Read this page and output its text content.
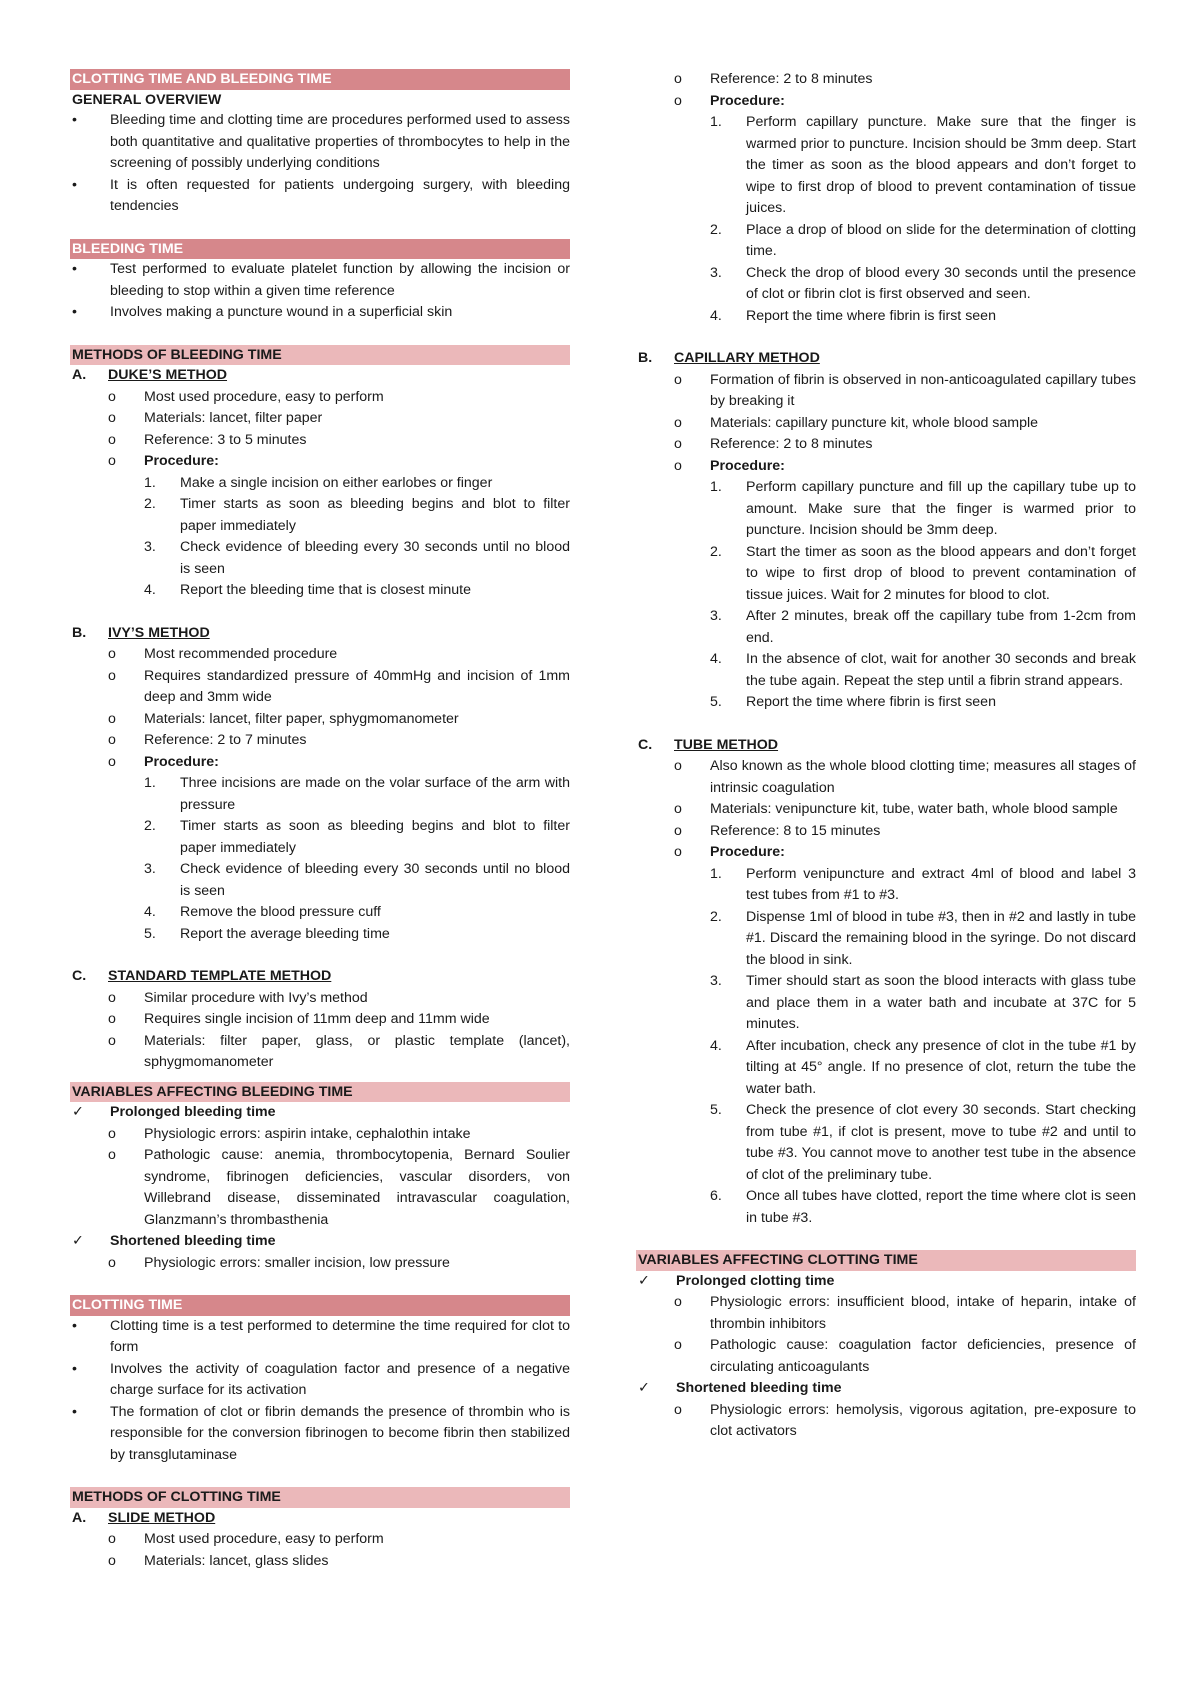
CLOTTING TIME AND BLEEDING TIME
GENERAL OVERVIEW
•	Bleeding time and clotting time are procedures performed used to assess both quantitative and qualitative properties of thrombocytes to help in the screening of possibly underlying conditions
•	It is often requested for patients undergoing surgery, with bleeding tendencies
BLEEDING TIME
•	Test performed to evaluate platelet function by allowing the incision or bleeding to stop within a given time reference
•	Involves making a puncture wound in a superficial skin
METHODS OF BLEEDING TIME
A.	DUKE’S METHOD
o	Most used procedure, easy to perform
o	Materials: lancet, filter paper
o	Reference: 3 to 5 minutes
o	Procedure:
1.	Make a single incision on either earlobes or finger
2.	Timer starts as soon as bleeding begins and blot to filter paper immediately
3.	Check evidence of bleeding every 30 seconds until no blood is seen
4.	Report the bleeding time that is closest minute
B.	IVY’S METHOD
o	Most recommended procedure
o	Requires standardized pressure of 40mmHg and incision of 1mm deep and 3mm wide
o	Materials: lancet, filter paper, sphygmomanometer
o	Reference: 2 to 7 minutes
o	Procedure:
1.	Three incisions are made on the volar surface of the arm with pressure
2.	Timer starts as soon as bleeding begins and blot to filter paper immediately
3.	Check evidence of bleeding every 30 seconds until no blood is seen
4.	Remove the blood pressure cuff
5.	Report the average bleeding time
C.	STANDARD TEMPLATE METHOD
o	Similar procedure with Ivy’s method
o	Requires single incision of 11mm deep and 11mm wide
o	Materials: filter paper, glass, or plastic template (lancet), sphygmomanometer
VARIABLES AFFECTING BLEEDING TIME
✓	Prolonged bleeding time
o	Physiologic errors: aspirin intake, cephalothin intake
o	Pathologic cause: anemia, thrombocytopenia, Bernard Soulier syndrome, fibrinogen deficiencies, vascular disorders, von Willebrand disease, disseminated intravascular coagulation, Glanzmann’s thrombasthenia
✓	Shortened bleeding time
o	Physiologic errors: smaller incision, low pressure
CLOTTING TIME
•	Clotting time is a test performed to determine the time required for clot to form
•	Involves the activity of coagulation factor and presence of a negative charge surface for its activation
•	The formation of clot or fibrin demands the presence of thrombin who is responsible for the conversion fibrinogen to become fibrin then stabilized by transglutaminase
METHODS OF CLOTTING TIME
A.	SLIDE METHOD
o	Most used procedure, easy to perform
o	Materials: lancet, glass slides
o	Reference: 2 to 8 minutes
o	Procedure:
1.	Perform capillary puncture. Make sure that the finger is warmed prior to puncture. Incision should be 3mm deep. Start the timer as soon as the blood appears and don’t forget to wipe to first drop of blood to prevent contamination of tissue juices.
2.	Place a drop of blood on slide for the determination of clotting time.
3.	Check the drop of blood every 30 seconds until the presence of clot or fibrin clot is first observed and seen.
4.	Report the time where fibrin is first seen
B.	CAPILLARY METHOD
o	Formation of fibrin is observed in non-anticoagulated capillary tubes by breaking it
o	Materials: capillary puncture kit, whole blood sample
o	Reference: 2 to 8 minutes
o	Procedure:
1.	Perform capillary puncture and fill up the capillary tube up to amount. Make sure that the finger is warmed prior to puncture. Incision should be 3mm deep.
2.	Start the timer as soon as the blood appears and don’t forget to wipe to first drop of blood to prevent contamination of tissue juices. Wait for 2 minutes for blood to clot.
3.	After 2 minutes, break off the capillary tube from 1-2cm from end.
4.	In the absence of clot, wait for another 30 seconds and break the tube again. Repeat the step until a fibrin strand appears.
5.	Report the time where fibrin is first seen
C.	TUBE METHOD
o	Also known as the whole blood clotting time; measures all stages of intrinsic coagulation
o	Materials: venipuncture kit, tube, water bath, whole blood sample
o	Reference: 8 to 15 minutes
o	Procedure:
1.	Perform venipuncture and extract 4ml of blood and label 3 test tubes from #1 to #3.
2.	Dispense 1ml of blood in tube #3, then in #2 and lastly in tube #1. Discard the remaining blood in the syringe. Do not discard the blood in sink.
3.	Timer should start as soon the blood interacts with glass tube and place them in a water bath and incubate at 37C for 5 minutes.
4.	After incubation, check any presence of clot in the tube #1 by tilting at 45° angle. If no presence of clot, return the tube the water bath.
5.	Check the presence of clot every 30 seconds. Start checking from tube #1, if clot is present, move to tube #2 and until to tube #3. You cannot move to another test tube in the absence of clot of the preliminary tube.
6.	Once all tubes have clotted, report the time where clot is seen in tube #3.
VARIABLES AFFECTING CLOTTING TIME
✓	Prolonged clotting time
o	Physiologic errors: insufficient blood, intake of heparin, intake of thrombin inhibitors
o	Pathologic cause: coagulation factor deficiencies, presence of circulating anticoagulants
✓	Shortened bleeding time
o	Physiologic errors: hemolysis, vigorous agitation, pre-exposure to clot activators
